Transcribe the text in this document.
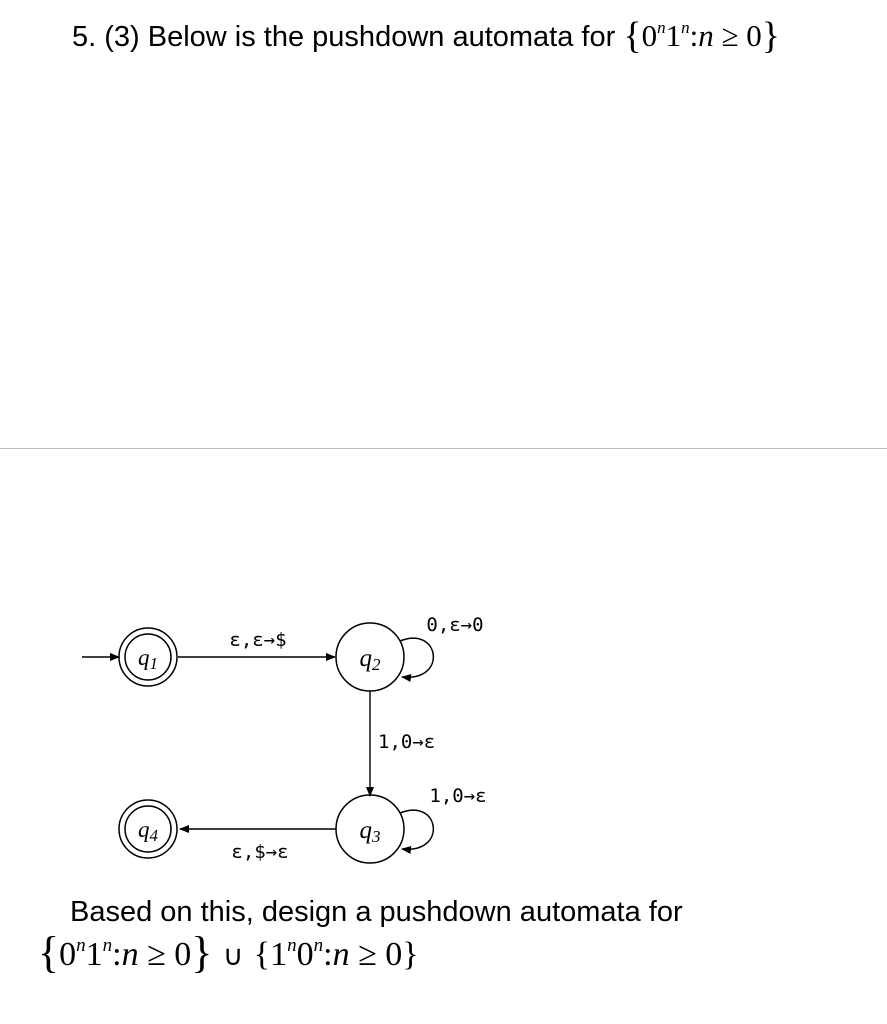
5. (3) Below is the pushdown automata for $\{0^n1^n:n \ge 0\}$
q1
ε,ε→$
q2
0,ε→0
1,0→ε
q3
1,0→ε
ε,$→ε
q4
Based on this, design a pushdown automata for
$\{0^n1^n:n \ge 0\}$ ∪ $\{1^n0^n:n \ge 0\}$
